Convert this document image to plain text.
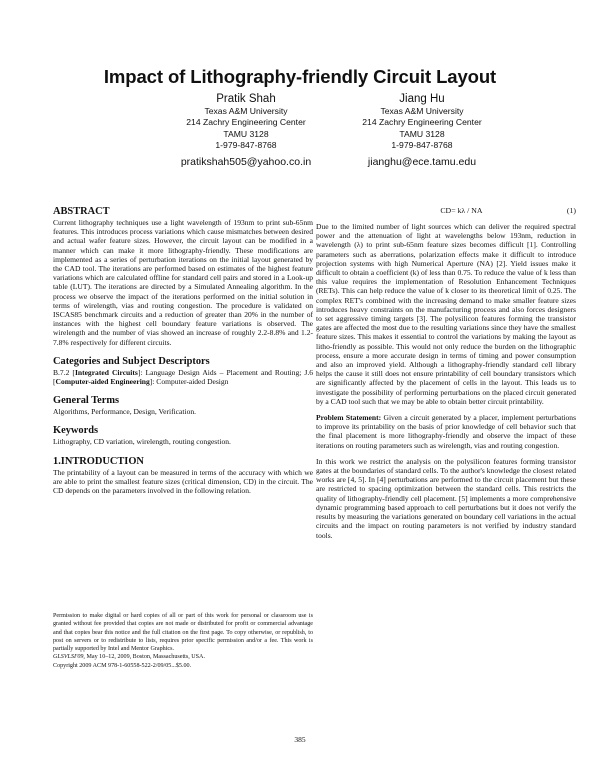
Impact of Lithography-friendly Circuit Layout
Pratik Shah
Texas A&M University
214 Zachry Engineering Center
TAMU 3128
1-979-847-8768
pratikshah505@yahoo.co.in
Jiang Hu
Texas A&M University
214 Zachry Engineering Center
TAMU 3128
1-979-847-8768
jianghu@ece.tamu.edu
ABSTRACT

Current lithography techniques use a light wavelength of 193nm to print sub-65nm features. This introduces process variations which cause mismatches between desired and actual wafer feature sizes. However, the circuit layout can be modified in a manner which can make it more lithography-friendly. These modifications are implemented as a series of perturbation iterations on the initial layout generated by the CAD tool. The iterations are performed based on estimates of the highest feature variations which are calculated offline for standard cell pairs and stored in a Look-up table (LUT). The iterations are directed by a Simulated Annealing algorithm. In the process we observe the impact of the iterations performed on the initial solution in terms of wirelength, vias and routing congestion. The procedure is validated on ISCAS85 benchmark circuits and a reduction of greater than 20% in the number of instances with the highest cell boundary feature variations is observed. The wirelength and the number of vias showed an increase of roughly 2.2-8.8% and 1.2-7.8% respectively for different circuits.

Categories and Subject Descriptors

B.7.2 [Integrated Circuits]: Language Design Aids – Placement and Routing; J.6 [Computer-aided Engineering]: Computer-aided Design

General Terms

Algorithms, Performance, Design, Verification.

Keywords

Lithography, CD variation, wirelength, routing congestion.

1.INTRODUCTION

The printability of a layout can be measured in terms of the accuracy with which we are able to print the smallest feature sizes (critical dimension, CD) in the circuit. The CD depends on the parameters involved in the following relation.

Permission to make digital or hard copies of all or part of this work for personal or classroom use is granted without fee provided that copies are not made or distributed for profit or commercial advantage and that copies bear this notice and the full citation on the first page. To copy otherwise, or republish, to post on servers or to redistribute to lists, requires prior specific permission and/or a fee. This work is partially supported by Intel and Mentor Graphics.

GLSVLSI'09, May 10–12, 2009, Boston, Massachusetts, USA.

Copyright 2009 ACM 978-1-60558-522-2/09/05...$5.00.

CD= kλ / NA	(1)

Due to the limited number of light sources which can deliver the required spectral power and the attenuation of light at wavelengths below 193nm, reduction in wavelength (λ) to print sub-65nm feature sizes becomes difficult [1]. Controlling parameters such as aberrations, polarization effects make it difficult to introduce projection systems with high Numerical Aperture (NA) [2]. Yield issues make it difficult to obtain a coefficient (k) of less than 0.75. To reduce the value of k less than this value requires the implementation of Resolution Enhancement Techniques (RETs). This can help reduce the value of k closer to its theoretical limit of 0.25. The complex RET's combined with the increasing demand to make smaller feature sizes introduces heavy constraints on the manufacturing process and also forces designers to set aggressive timing targets [3]. The polysilicon features forming the transistor gates are affected the most due to the resulting variations since they have the smallest feature sizes. This makes it essential to control the variations by making the layout as litho-friendly as possible. This would not only reduce the burden on the lithographic process, ensure a more accurate design in terms of timing and power consumption and also an improved yield. Although a lithography-friendly standard cell library helps the cause it still does not ensure printability of cell boundary transistors which are significantly affected by the placement of cells in the layout. This leads us to investigate the possibility of performing perturbations on the placed circuit generated by a CAD tool such that we may be able to obtain better circuit printability.

Problem Statement: Given a circuit generated by a placer, implement perturbations to improve its printability on the basis of prior knowledge of cell behavior such that the final placement is more lithography-friendly and observe the impact of these iterations on routing parameters such as wirelength, vias and routing congestion.

In this work we restrict the analysis on the polysilicon features forming transistor gates at the boundaries of standard cells. To the author's knowledge the closest related works are [4, 5]. In [4] perturbations are performed to the circuit placement but these are restricted to spacing optimization between the standard cells. This restricts the quality of lithography-friendly cell placement. [5] implements a more comprehensive dynamic programming based approach to cell perturbations but it does not verify the results by measuring the variations generated on boundary cell variations in the actual circuits and the impact on routing parameters is not verified by industry standard tools.

385
